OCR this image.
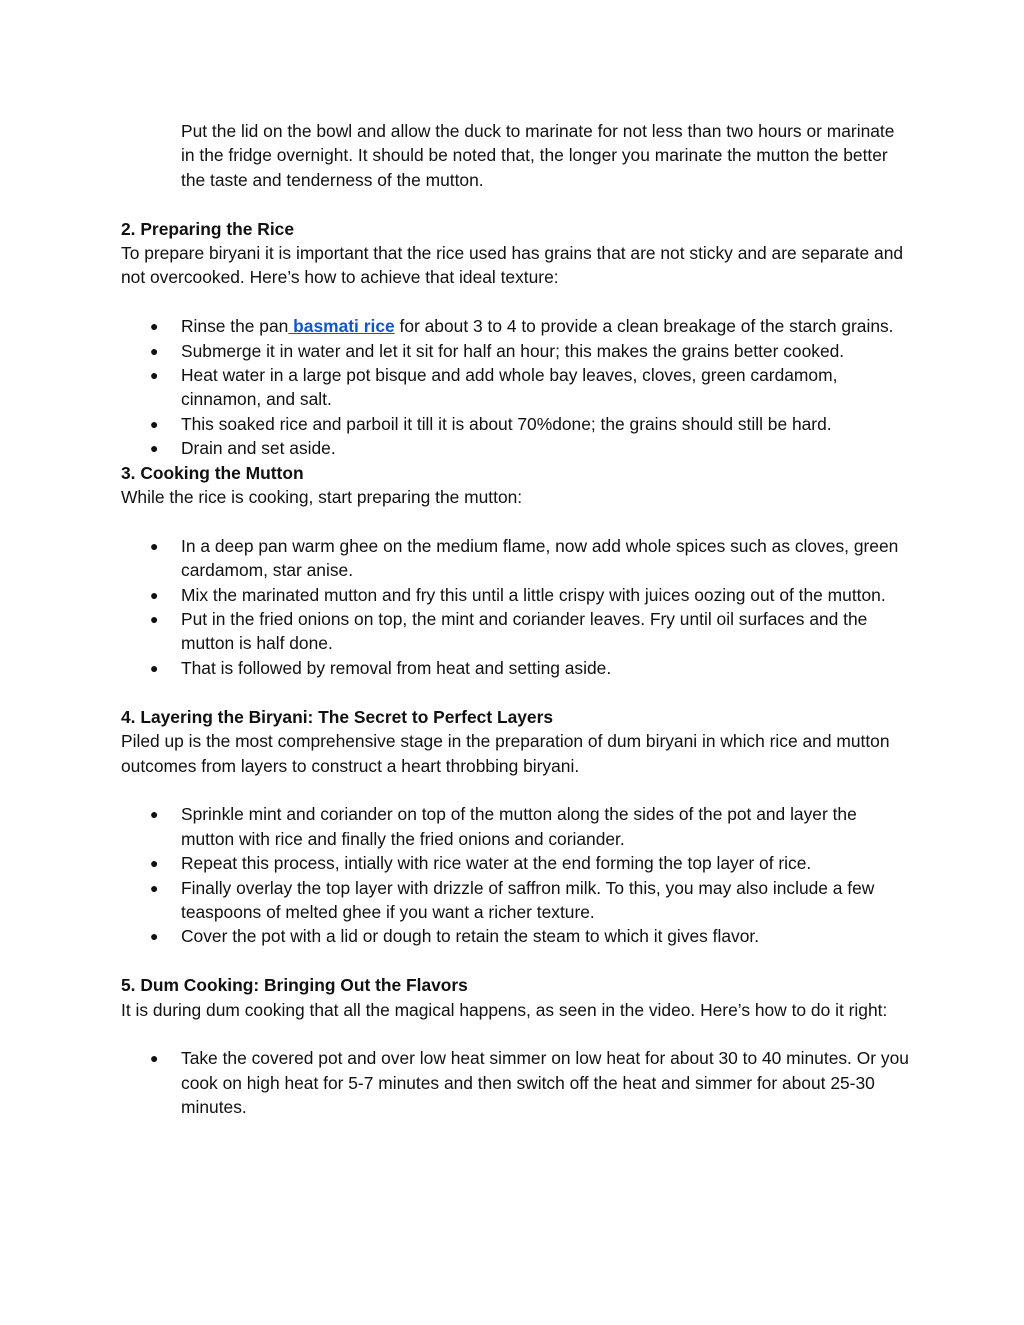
Put the lid on the bowl and allow the duck to marinate for not less than two hours or marinate in the fridge overnight. It should be noted that, the longer you marinate the mutton the better the taste and tenderness of the mutton.

2. Preparing the Rice

To prepare biryani it is important that the rice used has grains that are not sticky and are separate and not overcooked. Here’s how to achieve that ideal texture:

● Rinse the pan basmati rice for about 3 to 4 to provide a clean breakage of the starch grains.
● Submerge it in water and let it sit for half an hour; this makes the grains better cooked.
● Heat water in a large pot bisque and add whole bay leaves, cloves, green cardamom, cinnamon, and salt.
● This soaked rice and parboil it till it is about 70%done; the grains should still be hard.
● Drain and set aside.

3. Cooking the Mutton

While the rice is cooking, start preparing the mutton:

● In a deep pan warm ghee on the medium flame, now add whole spices such as cloves, green cardamom, star anise.
● Mix the marinated mutton and fry this until a little crispy with juices oozing out of the mutton.
● Put in the fried onions on top, the mint and coriander leaves. Fry until oil surfaces and the mutton is half done.
● That is followed by removal from heat and setting aside.

4. Layering the Biryani: The Secret to Perfect Layers

Piled up is the most comprehensive stage in the preparation of dum biryani in which rice and mutton outcomes from layers to construct a heart throbbing biryani.

● Sprinkle mint and coriander on top of the mutton along the sides of the pot and layer the mutton with rice and finally the fried onions and coriander.
● Repeat this process, intially with rice water at the end forming the top layer of rice.
● Finally overlay the top layer with drizzle of saffron milk. To this, you may also include a few teaspoons of melted ghee if you want a richer texture.
● Cover the pot with a lid or dough to retain the steam to which it gives flavor.

5. Dum Cooking: Bringing Out the Flavors

It is during dum cooking that all the magical happens, as seen in the video. Here’s how to do it right:

● Take the covered pot and over low heat simmer on low heat for about 30 to 40 minutes. Or you cook on high heat for 5-7 minutes and then switch off the heat and simmer for about 25-30 minutes.
